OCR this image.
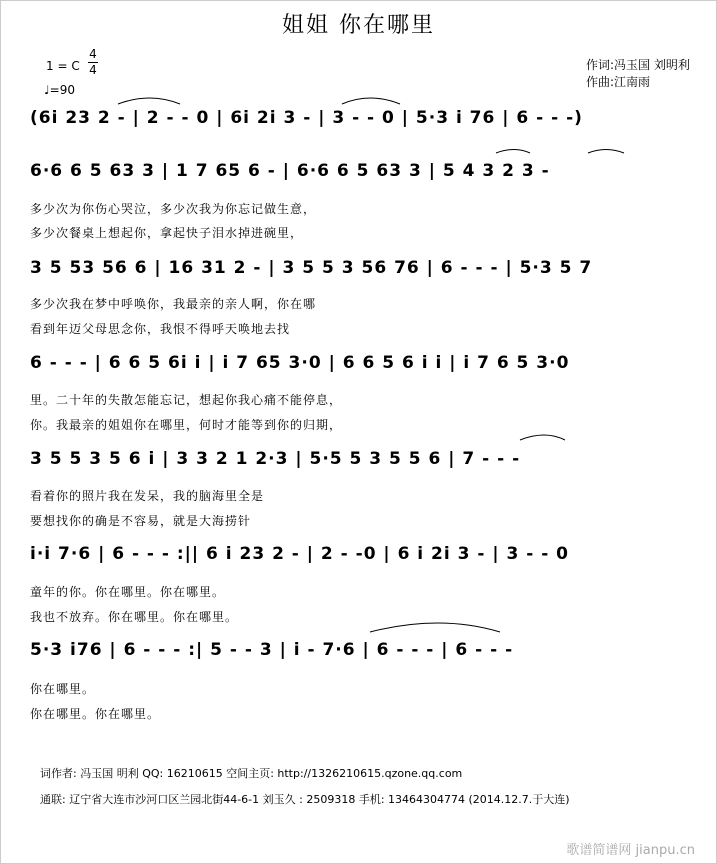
姐姐 你在哪里
1 = C
4
4
♩=90
作词:冯玉国 刘明利
作曲:江南雨
(6i 23 2 - | 2 - - 0 | 6i 2i 3 - | 3 - - 0 | 5·3 i 76 | 6 - - -)
6·6 6 5 63 3 | 1 7 65 6 - | 6·6 6 5 63 3 | 5 4 3 2 3 -
多少次为你伤心哭泣，多少次我为你忘记做生意，
多少次餐桌上想起你，拿起快子泪水掉进碗里，
3 5 53 56 6 | 16 31 2 - | 3 5 5 3 56 76 | 6 - - - | 5·3 5 7
多少次我在梦中呼唤你，我最亲的亲人啊，你在哪
看到年迈父母思念你，我恨不得呼天唤地去找
6 - - - | 6 6 5 6i i | i 7 65 3·0 | 6 6 5 6 i i | i 7 6 5 3·0
里。二十年的失散怎能忘记，想起你我心痛不能停息，
你。我最亲的姐姐你在哪里，何时才能等到你的归期，
3 5 5 3 5 6 i | 3 3 2 1 2·3 | 5·5 5 3 5 5 6 | 7 - - -
看着你的照片我在发呆，我的脑海里全是
要想找你的确是不容易，就是大海捞针
i·i 7·6 | 6 - - - :|| 6 i 23 2 - | 2 - -0 | 6 i 2i 3 - | 3 - - 0
童年的你。你在哪里。你在哪里。
我也不放弃。你在哪里。你在哪里。
5·3 i76 | 6 - - - :| 5 - - 3 | i - 7·6 | 6 - - - | 6 - - -
你在哪里。
你在哪里。你在哪里。
词作者: 冯玉国 明利 QQ: 16210615 空间主页: http://1326210615.qzone.qq.com
通联: 辽宁省大连市沙河口区兰园北街44-6-1 刘玉久 : 2509318 手机: 13464304774 (2014.12.7.于大连)
歌谱简谱网 jianpu.cn
